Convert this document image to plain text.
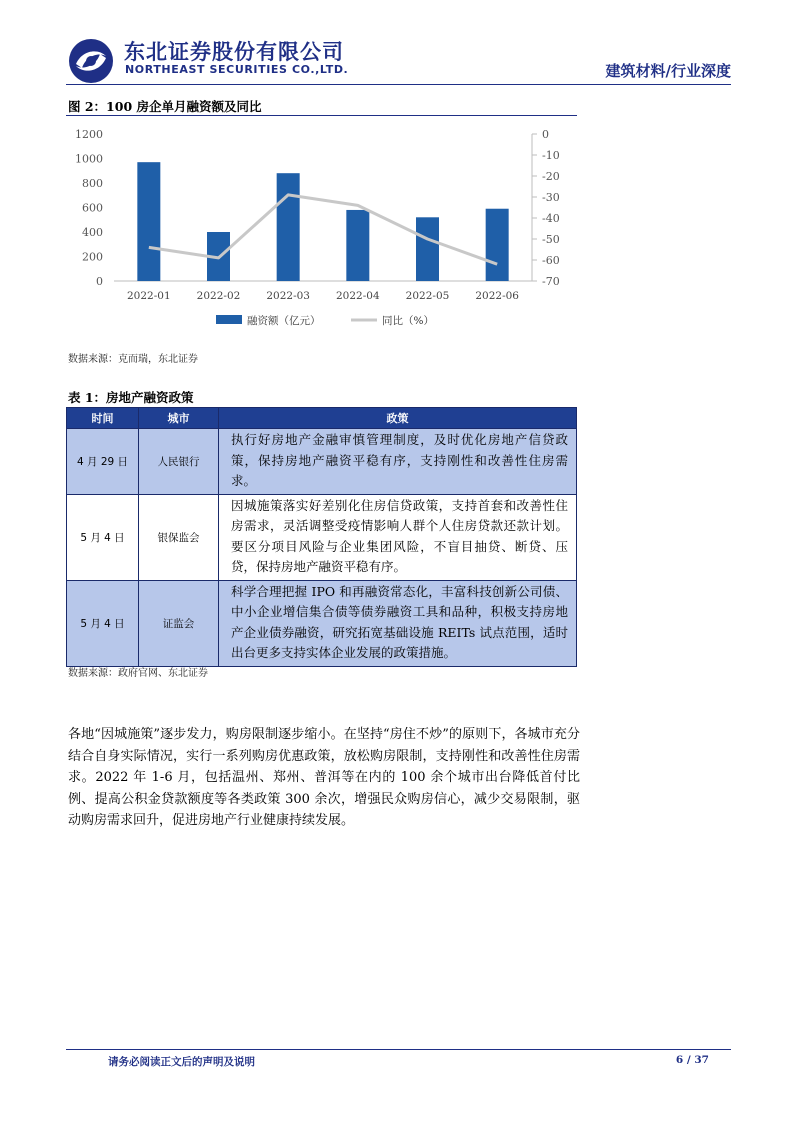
东北证券股份有限公司
NORTHEAST SECURITIES CO.,LTD.	建筑材料/行业深度
图 2：100 房企单月融资额及同比
0
200
400
600
800
1000
1200	0
-10
-20
-30
-40
-50
-60
-70
2022-01 2022-02 2022-03 2022-04 2022-05 2022-06
融资额（亿元）	同比（%）
数据来源：克而瑞，东北证券
表 1：房地产融资政策
时间	城市	政策
4 月 29 日	人民银行	执行好房地产金融审慎管理制度，及时优化房地产信贷政策，保持房地产融资平稳有序，支持刚性和改善性住房需求。
5 月 4 日	银保监会	因城施策落实好差别化住房信贷政策，支持首套和改善性住房需求，灵活调整受疫情影响人群个人住房贷款还款计划。要区分项目风险与企业集团风险，不盲目抽贷、断贷、压贷，保持房地产融资平稳有序。
5 月 4 日	证监会	科学合理把握 IPO 和再融资常态化，丰富科技创新公司债、中小企业增信集合债等债券融资工具和品种，积极支持房地产企业债券融资，研究拓宽基础设施 REITs 试点范围，适时出台更多支持实体企业发展的政策措施。
数据来源：政府官网、东北证券
各地“因城施策”逐步发力，购房限制逐步缩小。在坚持“房住不炒”的原则下，各城市充分结合自身实际情况，实行一系列购房优惠政策，放松购房限制，支持刚性和改善性住房需求。2022 年 1-6 月，包括温州、郑州、普洱等在内的 100 余个城市出台降低首付比例、提高公积金贷款额度等各类政策 300 余次，增强民众购房信心，减少交易限制，驱动购房需求回升，促进房地产行业健康持续发展。
请务必阅读正文后的声明及说明	6 / 37
